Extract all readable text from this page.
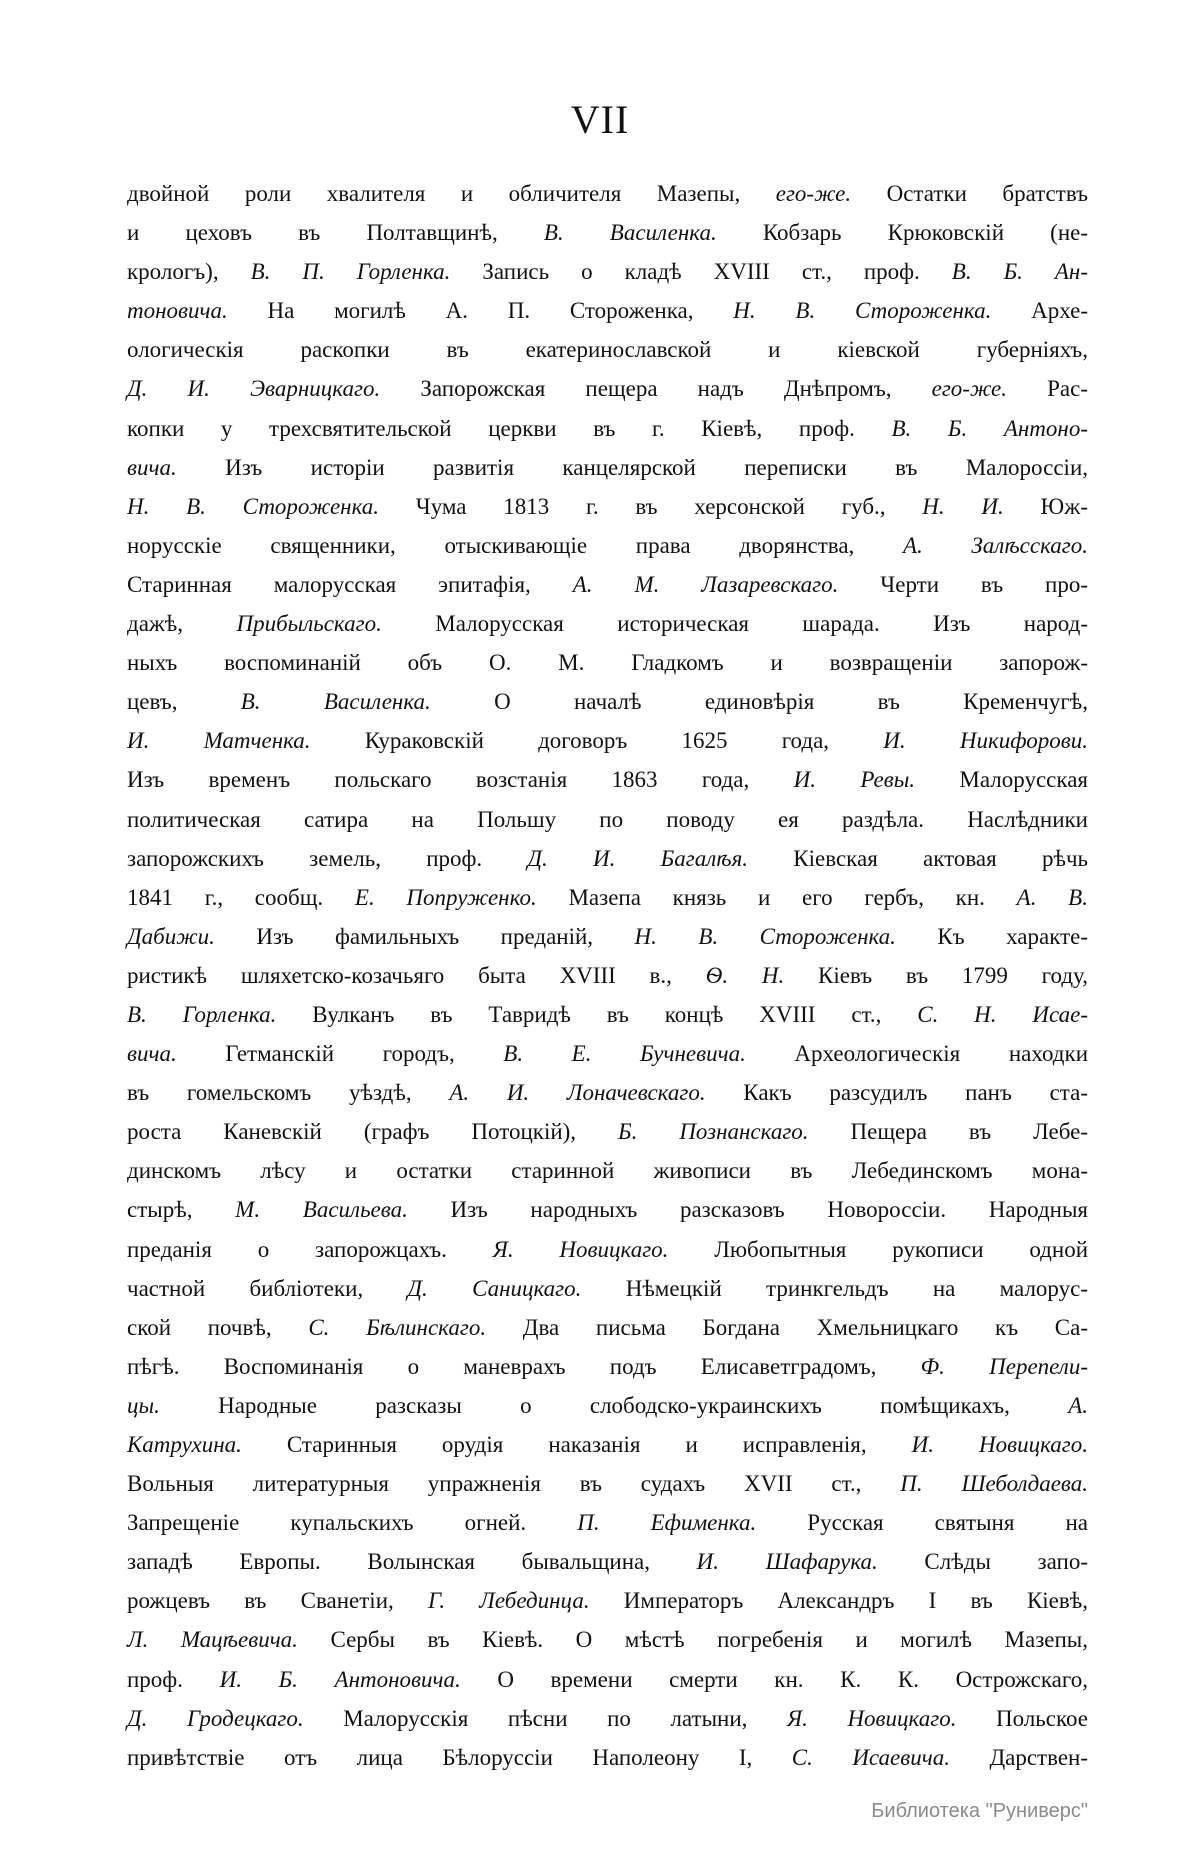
VII
двойной роли хвалителя и обличителя Мазепы, его-же. Остатки братствъ
и цеховъ въ Полтавщинѣ, В. Василенка. Кобзарь Крюковскій (не-
крологъ), В. П. Горленка. Запись о кладѣ XVIII ст., проф. В. Б. Ан-
тоновича. На могилѣ А. П. Стороженка, Н. В. Стороженка. Архе-
ологическія раскопки въ екатеринославской и кіевской губерніяхъ,
Д. И. Эварницкаго. Запорожская пещера надъ Днѣпромъ, его-же. Рас-
копки у трехсвятительской церкви въ г. Кіевѣ, проф. В. Б. Антоно-
вича. Изъ исторіи развитія канцелярской переписки въ Малороссіи,
Н. В. Стороженка. Чума 1813 г. въ херсонской губ., Н. И. Юж-
норусскіе священники, отыскивающіе права дворянства, А. Залѣсскаго.
Старинная малорусская эпитафія, А. М. Лазаревскаго. Черти въ про-
дажѣ, Прибыльскаго. Малорусская историческая шарада. Изъ народ-
ныхъ воспоминаній объ О. М. Гладкомъ и возвращеніи запорож-
цевъ, В. Василенка. О началѣ единовѣрія въ Кременчугѣ,
И. Матченка. Кураковскій договоръ 1625 года, И. Никифорови.
Изъ временъ польскаго возстанія 1863 года, И. Ревы. Малорусская
политическая сатира на Польшу по поводу ея раздѣла. Наслѣдники
запорожскихъ земель, проф. Д. И. Багалѣя. Кіевская актовая рѣчь
1841 г., сообщ. Е. Попруженко. Мазепа князь и его гербъ, кн. А. В.
Дабижи. Изъ фамильныхъ преданій, Н. В. Стороженка. Къ характе-
ристикѣ шляхетско-козачьяго быта XVIII в., Ѳ. Н. Кіевъ въ 1799 году,
В. Горленка. Вулканъ въ Тавридѣ въ концѣ XVIII ст., С. Н. Исае-
вича. Гетманскій городъ, В. Е. Бучневича. Археологическія находки
въ гомельскомъ уѣздѣ, А. И. Лоначевскаго. Какъ разсудилъ панъ ста-
роста Каневскій (графъ Потоцкій), Б. Познанскаго. Пещера въ Лебе-
динскомъ лѣсу и остатки старинной живописи въ Лебединскомъ мона-
стырѣ, М. Васильева. Изъ народныхъ разсказовъ Новороссіи. Народныя
преданія о запорожцахъ. Я. Новицкаго. Любопытныя рукописи одной
частной библіотеки, Д. Саницкаго. Нѣмецкій тринкгельдъ на малорус-
ской почвѣ, С. Бѣлинскаго. Два письма Богдана Хмельницкаго къ Са-
пѣгѣ. Воспоминанія о маневрахъ подъ Елисаветградомъ, Ф. Перепели-
цы. Народные разсказы о слободско-украинскихъ помѣщикахъ, А.
Катрухина. Старинныя орудія наказанія и исправленія, И. Новицкаго.
Вольныя литературныя упражненія въ судахъ XVII ст., П. Шеболдаева.
Запрещеніе купальскихъ огней. П. Ефименка. Русская святыня на
западѣ Европы. Волынская бывальщина, И. Шафарука. Слѣды запо-
рожцевъ въ Сванетіи, Г. Лебединца. Императоръ Александръ I въ Кіевѣ,
Л. Мацѣевича. Сербы въ Кіевѣ. О мѣстѣ погребенія и могилѣ Мазепы,
проф. И. Б. Антоновича. О времени смерти кн. К. К. Острожскаго,
Д. Гродецкаго. Малорусскія пѣсни по латыни, Я. Новицкаго. Польское
привѣтствіе отъ лица Бѣлоруссіи Наполеону I, С. Исаевича. Дарствен-
Библиотека "Руниверс"
